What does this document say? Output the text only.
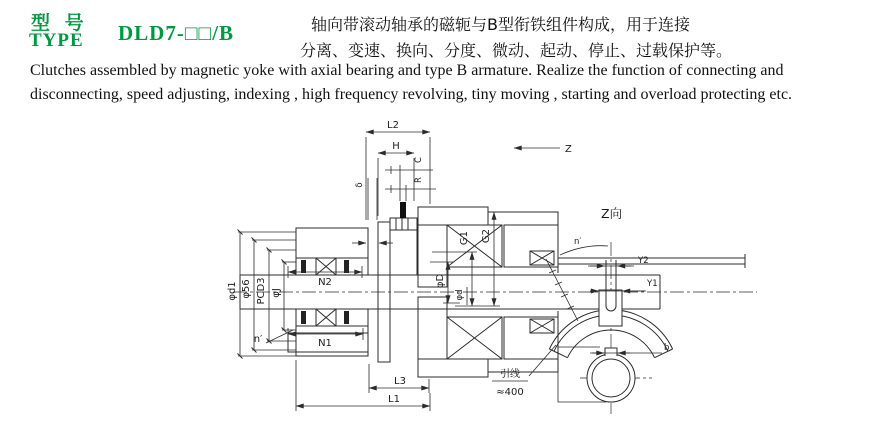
型 号
TYPE DLD7-□□/B	轴向带滚动轴承的磁轭与B型衔铁组件构成，用于连接
分离、变速、换向、分度、微动、起动、停止、过载保护等。
Clutches assembled by magnetic yoke with axial bearing and type B armature. Realize the function of connecting and
disconnecting, speed adjusting, indexing , high frequency revolving, tiny moving , starting and overload protecting etc.
L2
H
δ
C
R
Z
G1 G2
φD
φd
φd1 φ56 PCD3 φJ
N2
N1
n′
L3
L1
引线
≈400
Z向
n′
Y2
Y1
b
